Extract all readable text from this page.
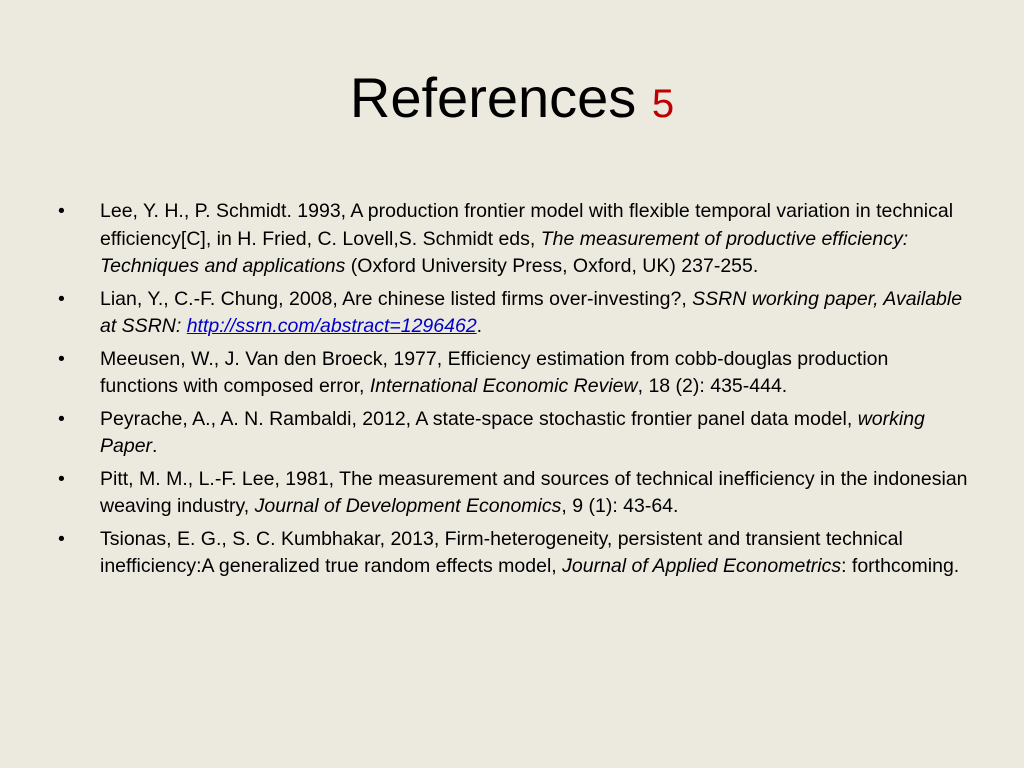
References 5
• Lee, Y. H., P. Schmidt. 1993, A production frontier model with flexible temporal variation in technical efficiency[C], in H. Fried, C. Lovell,S. Schmidt eds, The measurement of productive efficiency: Techniques and applications (Oxford University Press, Oxford, UK) 237-255.
• Lian, Y., C.-F. Chung, 2008, Are chinese listed firms over-investing?, SSRN working paper, Available at SSRN: http://ssrn.com/abstract=1296462.
• Meeusen, W., J. Van den Broeck, 1977, Efficiency estimation from cobb-douglas production functions with composed error, International Economic Review, 18 (2): 435-444.
• Peyrache, A., A. N. Rambaldi, 2012, A state-space stochastic frontier panel data model, working Paper.
• Pitt, M. M., L.-F. Lee, 1981, The measurement and sources of technical inefficiency in the indonesian weaving industry, Journal of Development Economics, 9 (1): 43-64.
• Tsionas, E. G., S. C. Kumbhakar, 2013, Firm-heterogeneity, persistent and transient technical inefficiency:A generalized true random effects model, Journal of Applied Econometrics: forthcoming.
